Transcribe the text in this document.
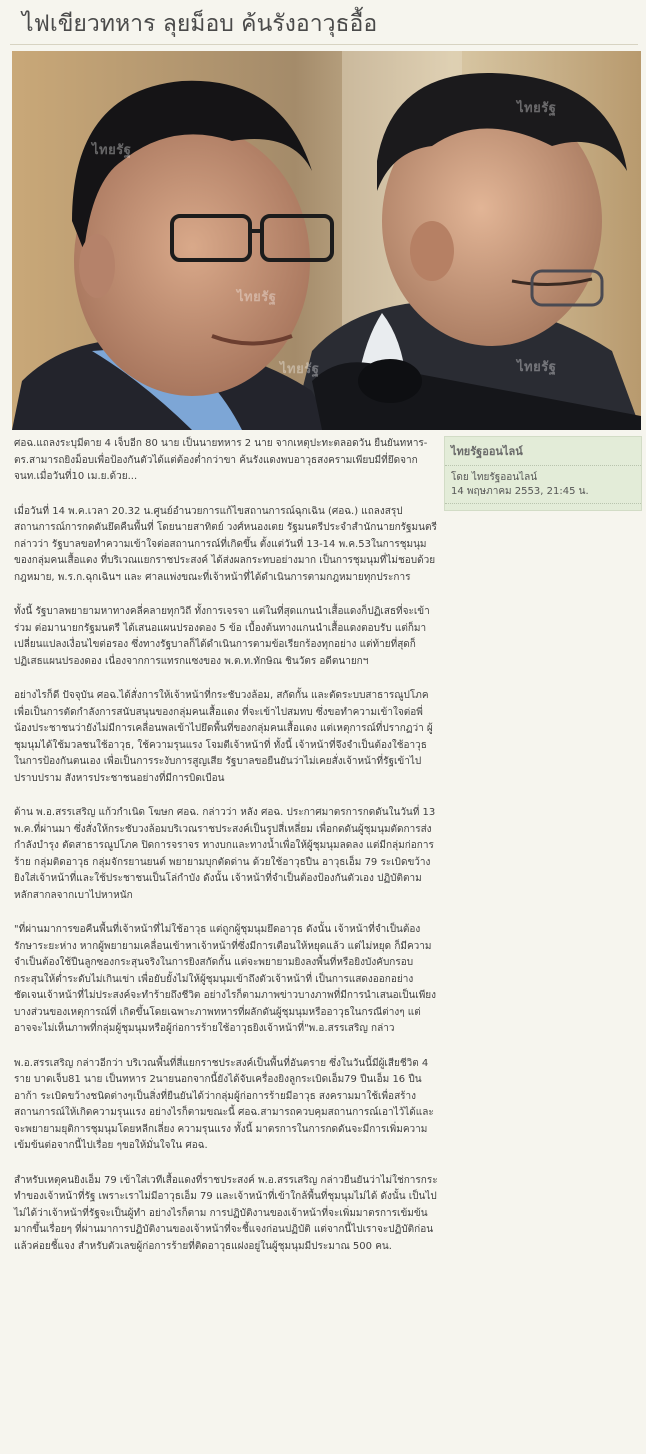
ไฟเขียวทหาร ลุยม็อบ ค้นรังอาวุธอื้อ
ไทยรัฐ
ไทยรัฐ
ไทยรัฐ
ไทยรัฐ	ไทยรัฐ
ไทยรัฐออนไลน์
โดย ไทยรัฐออนไลน์
14 พฤษภาคม 2553, 21:45 น.

ศอฉ.แถลงระบุมีตาย 4 เจ็บอีก 80 นาย เป็นนายทหาร 2 นาย จากเหตุปะทะตลอดวัน ยืนยันทหาร-ตร.สามารถยิงม็อบเพื่อป้องกันตัวได้แต่ต้องต่ำกว่าขา ค้นรังแดงพบอาวุธสงครามเพียบมีที่ยึดจากจนท.เมื่อวันที่10 เม.ย.ด้วย...

เมื่อวันที่ 14 พ.ค.เวลา 20.32 น.ศูนย์อำนวยการแก้ไขสถานการณ์ฉุกเฉิน (ศอฉ.) แถลงสรุปสถานการณ์การกดดันยึดคืนพื้นที่ โดยนายสาทิตย์ วงศ์หนองเตย รัฐมนตรีประจำสำนักนายกรัฐมนตรี กล่าวว่า รัฐบาลขอทำความเข้าใจต่อสถานการณ์ที่เกิดขึ้น ตั้งแต่วันที่ 13-14 พ.ค.53ในการชุมนุมของกลุ่มคนเสื้อแดง ที่บริเวณแยกราชประสงค์ ได้ส่งผลกระทบอย่างมาก เป็นการชุมนุมที่ไม่ชอบด้วยกฎหมาย, พ.ร.ก.ฉุกเฉินฯ และ ศาลแพ่งขณะที่เจ้าหน้าที่ได้ดำเนินการตามกฎหมายทุกประการ

ทั้งนี้ รัฐบาลพยายามหาทางคลี่คลายทุกวิถี ทั้งการเจรจา แต่ในที่สุดแกนนำเสื้อแดงก็ปฏิเสธที่จะเข้าร่วม ต่อมานายกรัฐมนตรี ได้เสนอแผนปรองดอง 5 ข้อ เบื้องต้นทางแกนนำเสื้อแดงตอบรับ แต่ก็มาเปลี่ยนแปลงเงื่อนไขต่อรอง ซึ่งทางรัฐบาลก็ได้ดำเนินการตามข้อเรียกร้องทุกอย่าง แต่ท้ายที่สุดก็ปฏิเสธแผนปรองดอง เนื่องจากการแทรกแซงของ พ.ต.ท.ทักษิณ ชินวัตร อดีตนายกฯ

อย่างไรก็ดี ปัจจุบัน ศอฉ.ได้สั่งการให้เจ้าหน้าที่กระชับวงล้อม, สกัดกั้น และตัดระบบสาธารณูปโภค เพื่อเป็นการตัดกำลังการสนับสนุนของกลุ่มคนเสื้อแดง ที่จะเข้าไปสมทบ ซึ่งขอทำความเข้าใจต่อพี่น้องประชาชนว่ายังไม่มีการเคลื่อนพลเข้าไปยึดพื้นที่ของกลุ่มคนเสื้อแดง แต่เหตุการณ์ที่ปรากฏว่า ผู้ชุมนุมได้ใช้มวลชนใช้อาวุธ, ใช้ความรุนแรง โจมตีเจ้าหน้าที่ ทั้งนี้ เจ้าหน้าที่จึงจำเป็นต้องใช้อาวุธในการป้องกันตนเอง เพื่อเป็นการระงับการสูญเสีย รัฐบาลขอยืนยันว่าไม่เคยสั่งเจ้าหน้าที่รัฐเข้าไปปราบปราม สังหารประชาชนอย่างที่มีการบิดเบือน

ด้าน พ.อ.สรรเสริญ แก้วกำเนิด โฆษก ศอฉ. กล่าวว่า หลัง ศอฉ. ประกาศมาตรการกดดันในวันที่ 13 พ.ค.ที่ผ่านมา ซึ่งสั่งให้กระชับวงล้อมบริเวณราชประสงค์เป็นรูปสี่เหลี่ยม เพื่อกดดันผู้ชุมนุมตัดการส่งกำลังบำรุง ตัดสาธารณูปโภค ปิดการจราจร ทางบกและทางน้ำเพื่อให้ผู้ชุมนุมลดลง แต่มีกลุ่มก่อการร้าย กลุ่มติดอาวุธ กลุ่มจักรยานยนต์ พยายามบุกตัดด่าน ด้วยใช้อาวุธปืน อาวุธเอ็ม 79 ระเบิดขว้างยิงใส่เจ้าหน้าที่และใช้ประชาชนเป็นโล่กำบัง ดังนั้น เจ้าหน้าที่จำเป็นต้องป้องกันตัวเอง ปฏิบัติตามหลักสากลจากเบาไปหาหนัก

"ที่ผ่านมาการขอคืนพื้นที่เจ้าหน้าที่ไม่ใช้อาวุธ แต่ถูกผู้ชุมนุมยึดอาวุธ ดังนั้น เจ้าหน้าที่จำเป็นต้องรักษาระยะห่าง หากผู้พยายามเคลื่อนเข้าหาเจ้าหน้าที่ซึ่งมีการเตือนให้หยุดแล้ว แต่ไม่หยุด ก็มีความจำเป็นต้องใช้ปืนลูกซองกระสุนจริงในการยิงสกัดกั้น แต่จะพยายามยิงลงพื้นที่หรือยิงบังคับกรอบกระสุนให้ต่ำระดับไม่เกินเข่า เพื่อยับยั้งไม่ให้ผู้ชุมนุมเข้าถึงตัวเจ้าหน้าที่ เป็นการแสดงออกอย่างชัดเจนเจ้าหน้าที่ไม่ประสงค์จะทำร้ายถึงชีวิต อย่างไรก็ตามภาพข่าวบางภาพที่มีการนำเสนอเป็นเพียงบางส่วนของเหตุการณ์ที่ เกิดขึ้นโดยเฉพาะภาพทหารที่ผลักดันผู้ชุมนุมหรืออาวุธในกรณีต่างๆ แต่อาจจะไม่เห็นภาพที่กลุ่มผู้ชุมนุมหรือผู้ก่อการร้ายใช้อาวุธยิงเจ้าหน้าที่"พ.อ.สรรเสริญ กล่าว

พ.อ.สรรเสริญ กล่าวอีกว่า บริเวณพื้นที่สี่แยกราชประสงค์เป็นพื้นที่อันตราย ซึ่งในวันนี้มีผู้เสียชีวิต 4 ราย บาดเจ็บ81 นาย เป็นทหาร 2นายนอกจากนี้ยังได้จับเครื่องยิงลูกระเบิดเอ็ม79 ปืนเอ็ม 16 ปืนอาก้า ระเบิดขว้างชนิดต่างๆเป็นสิ่งที่ยืนยันได้ว่ากลุ่มผู้ก่อการร้ายมีอาวุธ สงครามมาใช้เพื่อสร้างสถานการณ์ให้เกิดความรุนแรง อย่างไรก็ตามขณะนี้ ศอฉ.สามารถควบคุมสถานการณ์เอาไว้ได้และจะพยายามยุติการชุมนุมโดยหลีกเลี่ยง ความรุนแรง ทั้งนี้ มาตรการในการกดดันจะมีการเพิ่มความเข้มข้นต่อจากนี้ไปเรื่อย ๆขอให้มั่นใจใน ศอฉ.

สำหรับเหตุคนยิงเอ็ม 79 เข้าใส่เวทีเสื้อแดงที่ราชประสงค์ พ.อ.สรรเสริญ กล่าวยืนยันว่าไม่ใช่การกระทำของเจ้าหน้าที่รัฐ เพราะเราไม่มีอาวุธเอ็ม 79 และเจ้าหน้าที่เข้าใกล้พื้นที่ชุมนุมไม่ได้ ดังนั้น เป็นไปไม่ได้ว่าเจ้าหน้าที่รัฐจะเป็นผู้ทำ อย่างไรก็ตาม การปฏิบัติงานของเจ้าหน้าที่จะเพิ่มมาตรการเข้มข้นมากขึ้นเรื่อยๆ ที่ผ่านมาการปฏิบัติงานของเจ้าหน้าที่จะชี้แจงก่อนปฏิบัติ แต่จากนี้ไปเราจะปฏิบัติก่อนแล้วค่อยชี้แจง สำหรับตัวเลขผู้ก่อการร้ายที่ติดอาวุธแฝงอยู่ในผู้ชุมนุมมีประมาณ 500 คน.
